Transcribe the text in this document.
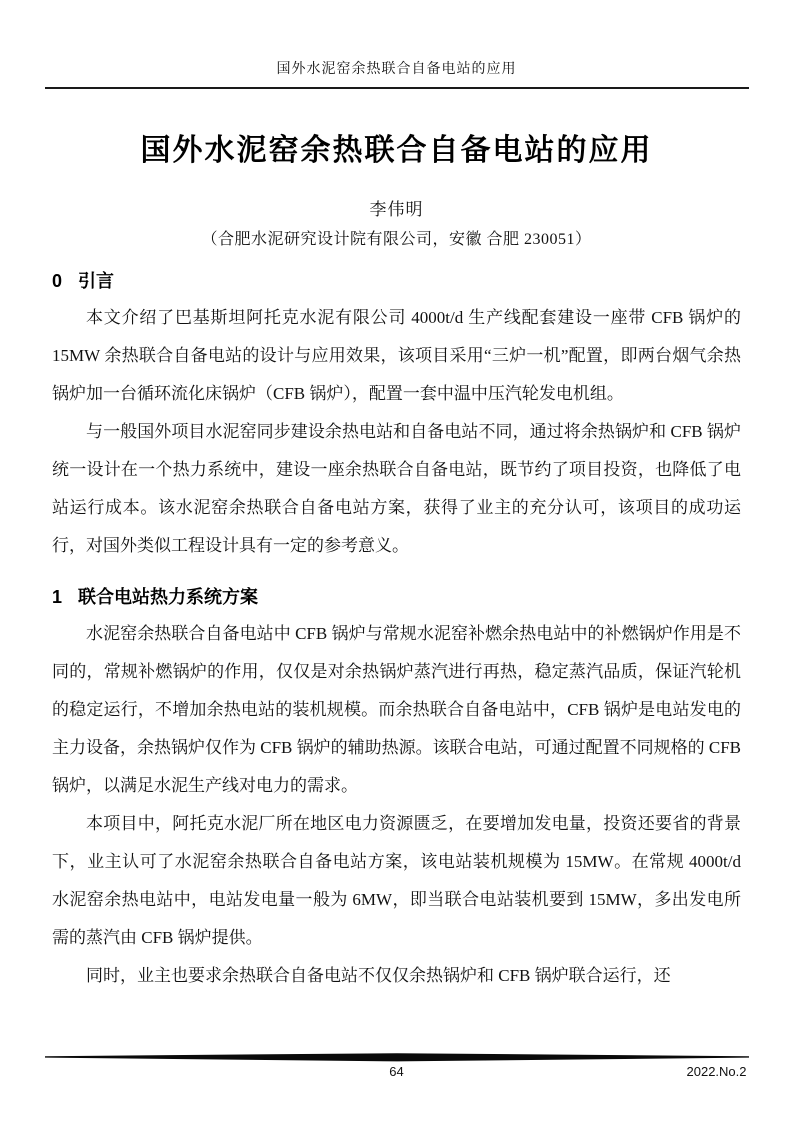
国外水泥窑余热联合自备电站的应用
国外水泥窑余热联合自备电站的应用
李伟明
（合肥水泥研究设计院有限公司，安徽 合肥 230051）
0 引言

本文介绍了巴基斯坦阿托克水泥有限公司 4000t/d 生产线配套建设一座带 CFB 锅炉的 15MW 余热联合自备电站的设计与应用效果，该项目采用“三炉一机”配置，即两台烟气余热锅炉加一台循环流化床锅炉（CFB 锅炉），配置一套中温中压汽轮发电机组。

与一般国外项目水泥窑同步建设余热电站和自备电站不同，通过将余热锅炉和 CFB 锅炉统一设计在一个热力系统中，建设一座余热联合自备电站，既节约了项目投资，也降低了电站运行成本。该水泥窑余热联合自备电站方案，获得了业主的充分认可，该项目的成功运行，对国外类似工程设计具有一定的参考意义。

1 联合电站热力系统方案

水泥窑余热联合自备电站中 CFB 锅炉与常规水泥窑补燃余热电站中的补燃锅炉作用是不同的，常规补燃锅炉的作用，仅仅是对余热锅炉蒸汽进行再热，稳定蒸汽品质，保证汽轮机的稳定运行，不增加余热电站的装机规模。而余热联合自备电站中，CFB 锅炉是电站发电的主力设备，余热锅炉仅作为 CFB 锅炉的辅助热源。该联合电站，可通过配置不同规格的 CFB 锅炉，以满足水泥生产线对电力的需求。

本项目中，阿托克水泥厂所在地区电力资源匮乏，在要增加发电量，投资还要省的背景下，业主认可了水泥窑余热联合自备电站方案，该电站装机规模为 15MW。在常规 4000t/d 水泥窑余热电站中，电站发电量一般为 6MW，即当联合电站装机要到 15MW，多出发电所需的蒸汽由 CFB 锅炉提供。

同时，业主也要求余热联合自备电站不仅仅余热锅炉和 CFB 锅炉联合运行，还

64	2022.No.2
